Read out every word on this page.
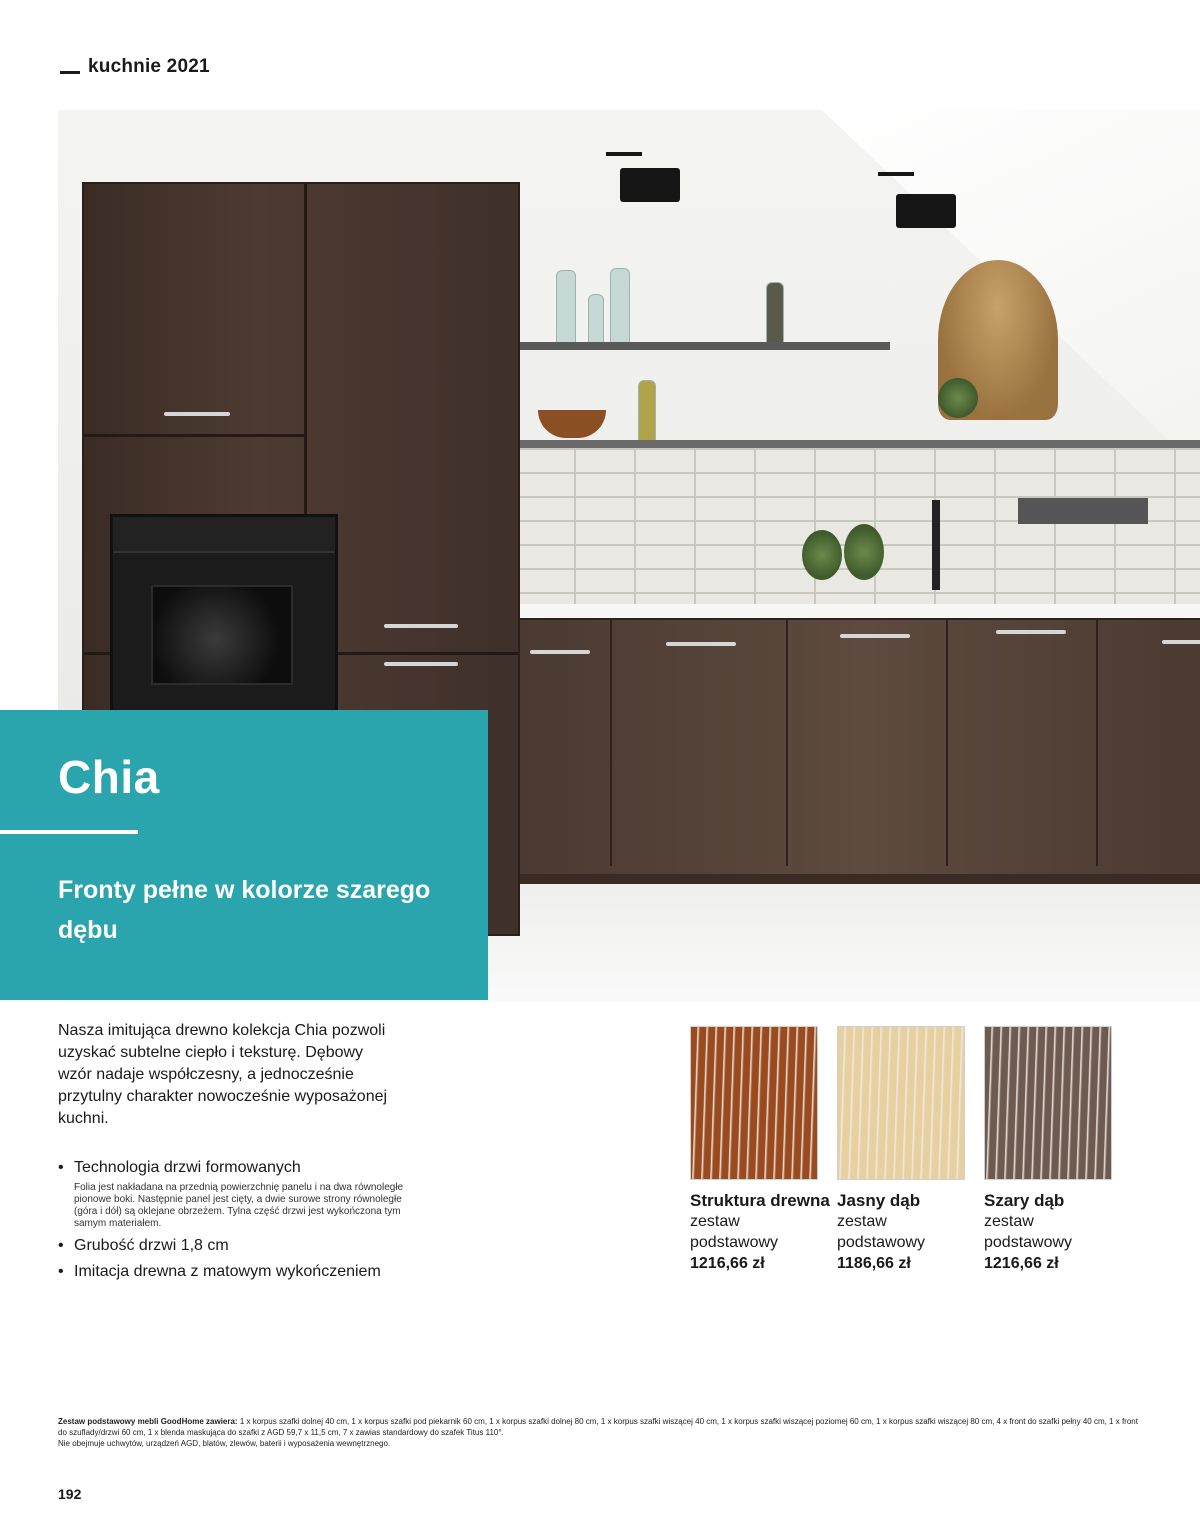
kuchnie 2021
Chia
Fronty pełne w kolorze szarego dębu
Nasza imitująca drewno kolekcja Chia pozwoli uzyskać subtelne ciepło i teksturę. Dębowy wzór nadaje współczesny, a jednocześnie przytulny charakter nowocześnie wyposażonej kuchni.
• Technologia drzwi formowanych
Folia jest nakładana na przednią powierzchnię panelu i na dwa równoległe pionowe boki. Następnie panel jest cięty, a dwie surowe strony równoległe (góra i dół) są oklejane obrzeżem. Tylna część drzwi jest wykończona tym samym materiałem.
• Grubość drzwi 1,8 cm
• Imitacja drewna z matowym wykończeniem
Struktura drewna
zestaw podstawowy
1216,66 zł
Jasny dąb
zestaw podstawowy
1186,66 zł
Szary dąb
zestaw podstawowy
1216,66 zł
Zestaw podstawowy mebli GoodHome zawiera: 1 x korpus szafki dolnej 40 cm, 1 x korpus szafki pod piekarnik 60 cm, 1 x korpus szafki dolnej 80 cm, 1 x korpus szafki wiszącej 40 cm, 1 x korpus szafki wiszącej poziomej 60 cm, 1 x korpus szafki wiszącej 80 cm, 4 x front do szafki pełny 40 cm, 1 x front do szuflady/drzwi 60 cm, 1 x blenda maskująca do szafki z AGD 59,7 x 11,5 cm, 7 x zawias standardowy do szafek Titus 110°.
Nie obejmuje uchwytów, urządzeń AGD, blatów, zlewów, baterii i wyposażenia wewnętrznego.
192
